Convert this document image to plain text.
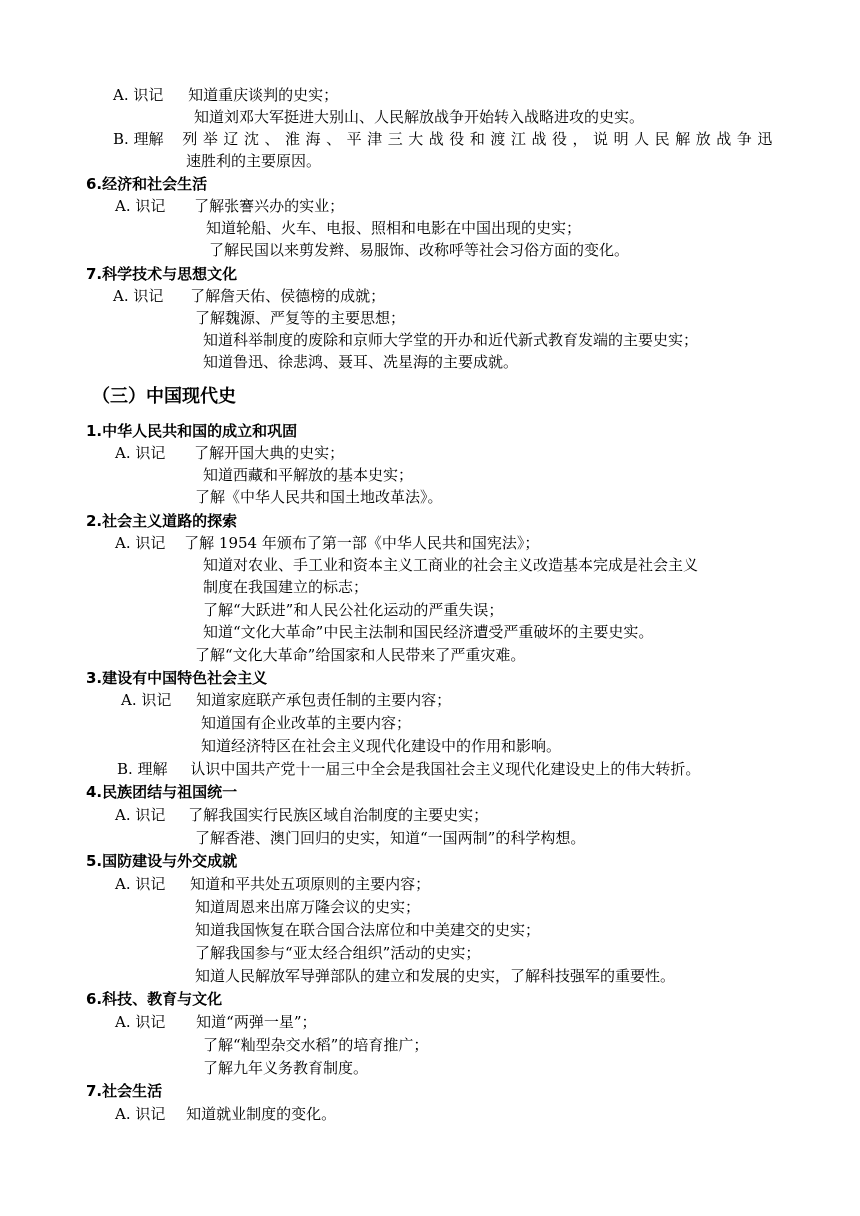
A. 识记 知道重庆谈判的史实；
知道刘邓大军挺进大别山、人民解放战争开始转入战略进攻的史实。
B. 理解 列举辽沈、淮海、平津三大战役和渡江战役，说明人民解放战争迅
速胜利的主要原因。
6.经济和社会生活
A. 识记 了解张謇兴办的实业；
知道轮船、火车、电报、照相和电影在中国出现的史实；
了解民国以来剪发辫、易服饰、改称呼等社会习俗方面的变化。
7.科学技术与思想文化
A. 识记 了解詹天佑、侯德榜的成就；
了解魏源、严复等的主要思想；
知道科举制度的废除和京师大学堂的开办和近代新式教育发端的主要史实；
知道鲁迅、徐悲鸿、聂耳、冼星海的主要成就。
（三）中国现代史
1.中华人民共和国的成立和巩固
A. 识记 了解开国大典的史实；
知道西藏和平解放的基本史实；
了解《中华人民共和国土地改革法》。
2.社会主义道路的探索
A. 识记 了解 1954 年颁布了第一部《中华人民共和国宪法》；
知道对农业、手工业和资本主义工商业的社会主义改造基本完成是社会主义
制度在我国建立的标志；
了解“大跃进”和人民公社化运动的严重失误；
知道“文化大革命”中民主法制和国民经济遭受严重破坏的主要史实。
了解“文化大革命”给国家和人民带来了严重灾难。
3.建设有中国特色社会主义
A. 识记 知道家庭联产承包责任制的主要内容；
知道国有企业改革的主要内容；
知道经济特区在社会主义现代化建设中的作用和影响。
B. 理解 认识中国共产党十一届三中全会是我国社会主义现代化建设史上的伟大转折。
4.民族团结与祖国统一
A. 识记 了解我国实行民族区域自治制度的主要史实；
了解香港、澳门回归的史实，知道“一国两制”的科学构想。
5.国防建设与外交成就
A. 识记 知道和平共处五项原则的主要内容；
知道周恩来出席万隆会议的史实；
知道我国恢复在联合国合法席位和中美建交的史实；
了解我国参与“亚太经合组织”活动的史实；
知道人民解放军导弹部队的建立和发展的史实，了解科技强军的重要性。
6.科技、教育与文化
A. 识记 知道“两弹一星”；
了解“籼型杂交水稻”的培育推广；
了解九年义务教育制度。
7.社会生活
A. 识记 知道就业制度的变化。
